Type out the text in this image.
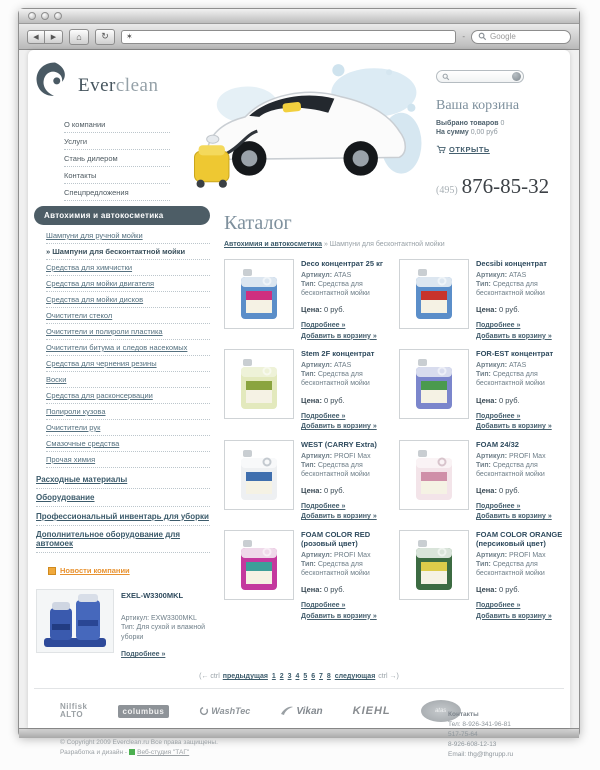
◀	▶	⌂	↻	✶	-	Google
Everclean
О компании
Услуги
Стань дилером
Контакты
Спецпредложения
Ваша корзина
Выбрано товаров 0
На сумму 0,00 руб
ОТКРЫТЬ
(495) 876-85-32
Автохимия и автокосметика
Шампуни для ручной мойки
» Шампуни для бесконтактной мойки
Средства для химчистки
Средства для мойки двигателя
Средства для мойки дисков
Очистители стекол
Очистители и полироли пластика
Очистители битума и следов насекомых
Средства для чернения резины
Воски
Средства для расконсервации
Полироли кузова
Очистители рук
Смазочные средства
Прочая химия
Расходные материалы
Оборудование
Профессиональный инвентарь для уборки
Дополнительное оборудование для автомоек
Новости компании
EXEL-W3300MKL
Артикул: EXW3300MKL
Тип: Для сухой и влажной уборки
Подробнее »
Каталог
Автохимия и автокосметика » Шампуни для бесконтактной мойки
Deco концентрат 25 кг
Артикул: ATAS
Тип: Средства для бесконтактной мойки
Цена: 0 руб.
Подробнее »
Добавить в корзину »
Decsibi концентрат
Артикул: ATAS
Тип: Средства для бесконтактной мойки
Цена: 0 руб.
Подробнее »
Добавить в корзину »
Stem 2F концентрат
Артикул: ATAS
Тип: Средства для бесконтактной мойки
Цена: 0 руб.
Подробнее »
Добавить в корзину »
FOR-EST концентрат
Артикул: ATAS
Тип: Средства для бесконтактной мойки
Цена: 0 руб.
Подробнее »
Добавить в корзину »
WEST (CARRY Extra)
Артикул: PROFI Max
Тип: Средства для бесконтактной мойки
Цена: 0 руб.
Подробнее »
Добавить в корзину »
FOAM 24/32
Артикул: PROFI Max
Тип: Средства для бесконтактной мойки
Цена: 0 руб.
Подробнее »
Добавить в корзину »
FOAM COLOR RED (розовый цвет)
Артикул: PROFI Max
Тип: Средства для бесконтактной мойки
Цена: 0 руб.
Подробнее »
Добавить в корзину »
FOAM COLOR ORANGE (персиковый цвет)
Артикул: PROFI Max
Тип: Средства для бесконтактной мойки
Цена: 0 руб.
Подробнее »
Добавить в корзину »
(← ctrl предыдущая 1 2 3 4 5 6 7 8 следующая ctrl →)
Nilfisk
ALTO	columbus	WashTec	Vikan	KIEHL	atas
© Copyright 2009 Everclean.ru Все права защищены.
Разработка и дизайн - Веб-студия "ТАГ"
Контакты
Тел: 8-926-341-96-81
517-75-64
8-926-608-12-13
Email: thg@thgrupp.ru
